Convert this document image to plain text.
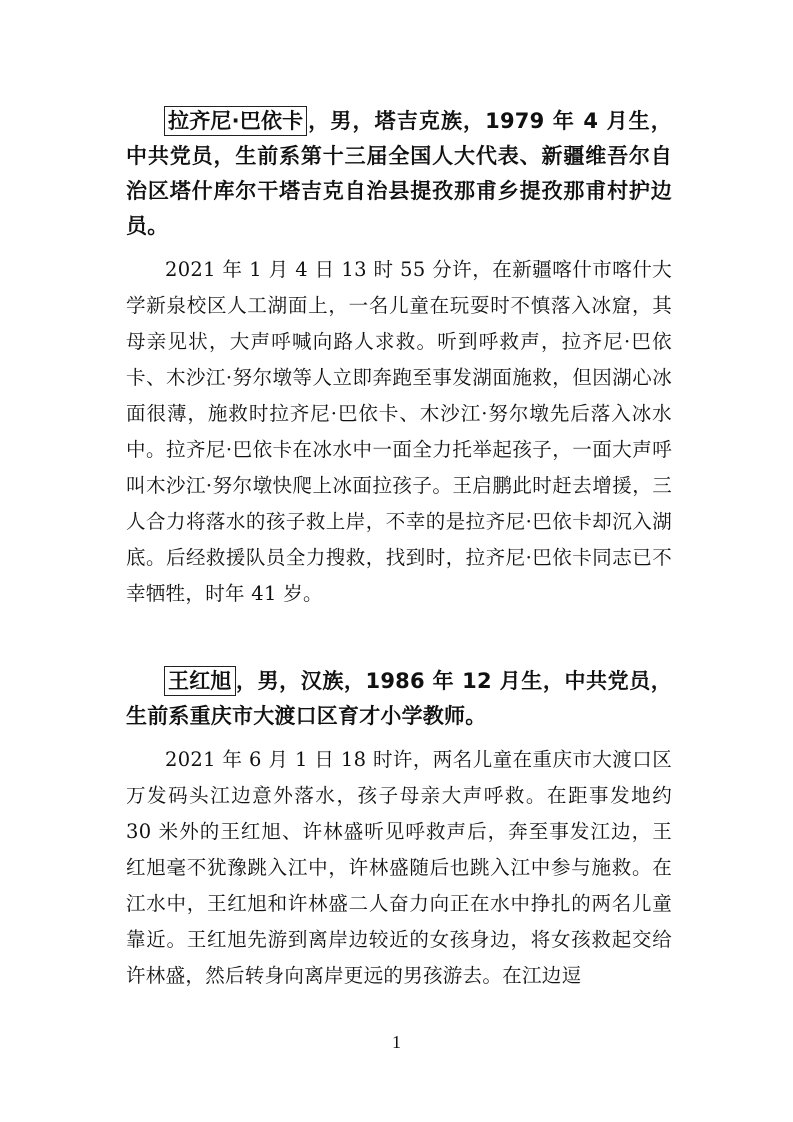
拉齐尼·巴依卡 ，男，塔吉克族，1979 年 4 月生，中共党员，生前系第十三届全国人大代表、新疆维吾尔自治区塔什库尔干塔吉克自治县提孜那甫乡提孜那甫村护边员。

2021 年 1 月 4 日 13 时 55 分许，在新疆喀什市喀什大学新泉校区人工湖面上，一名儿童在玩耍时不慎落入冰窟，其母亲见状，大声呼喊向路人求救。听到呼救声，拉齐尼·巴依卡、木沙江·努尔墩等人立即奔跑至事发湖面施救，但因湖心冰面很薄，施救时拉齐尼·巴依卡、木沙江·努尔墩先后落入冰水中。拉齐尼·巴依卡在冰水中一面全力托举起孩子，一面大声呼叫木沙江·努尔墩快爬上冰面拉孩子。王启鹏此时赶去增援，三人合力将落水的孩子救上岸，不幸的是拉齐尼·巴依卡却沉入湖底。后经救援队员全力搜救，找到时，拉齐尼·巴依卡同志已不幸牺牲，时年 41 岁。

王红旭 ，男，汉族，1986 年 12 月生，中共党员，生前系重庆市大渡口区育才小学教师。

2021 年 6 月 1 日 18 时许，两名儿童在重庆市大渡口区万发码头江边意外落水，孩子母亲大声呼救。在距事发地约 30 米外的王红旭、许林盛听见呼救声后，奔至事发江边，王红旭毫不犹豫跳入江中，许林盛随后也跳入江中参与施救。在江水中，王红旭和许林盛二人奋力向正在水中挣扎的两名儿童靠近。王红旭先游到离岸边较近的女孩身边，将女孩救起交给许林盛，然后转身向离岸更远的男孩游去。在江边逗

1
